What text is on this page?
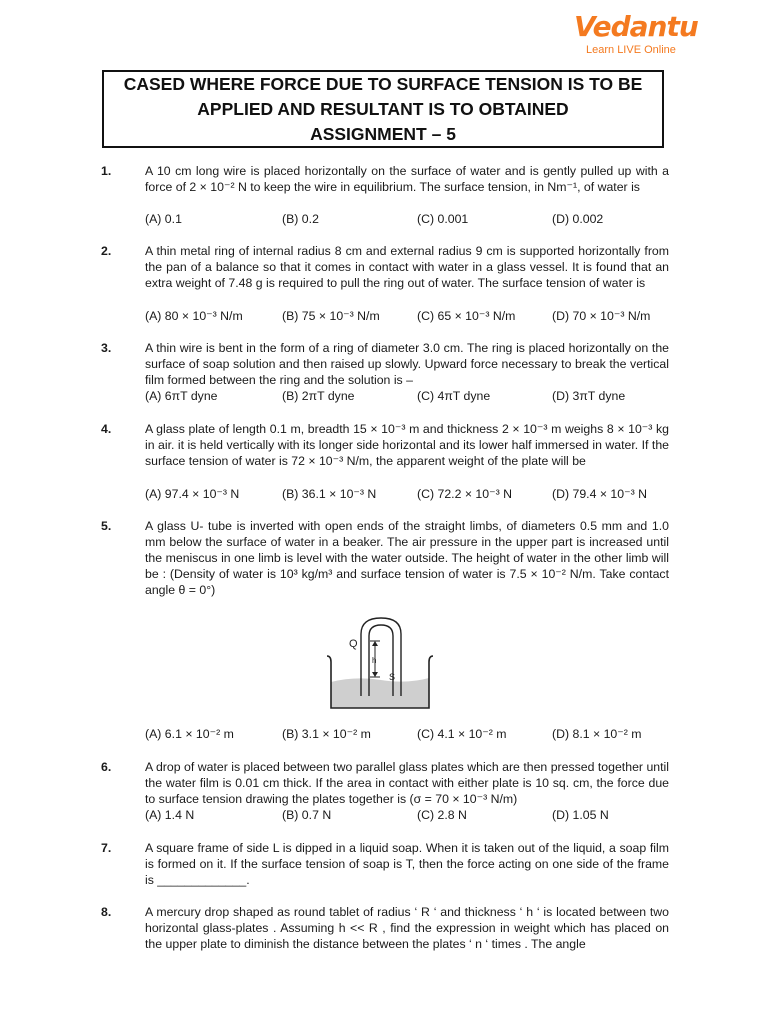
Vedantu
Learn LIVE Online
CASED WHERE FORCE DUE TO SURFACE TENSION IS TO BE
APPLIED AND RESULTANT IS TO OBTAINED
ASSIGNMENT – 5
1.	A 10 cm long wire is placed horizontally on the surface of water and is gently pulled up with a force of 2 × 10⁻² N to keep the wire in equilibrium. The surface tension, in Nm⁻¹, of water is
(A) 0.1	(B) 0.2	(C) 0.001	(D) 0.002
2.	A thin metal ring of internal radius 8 cm and external radius 9 cm is supported horizontally from the pan of a balance so that it comes in contact with water in a glass vessel. It is found that an extra weight of 7.48 g is required to pull the ring out of water. The surface tension of water is
(A) 80 × 10⁻³ N/m	(B) 75 × 10⁻³ N/m	(C) 65 × 10⁻³ N/m	(D) 70 × 10⁻³ N/m
3.	A thin wire is bent in the form of a ring of diameter 3.0 cm. The ring is placed horizontally on the surface of soap solution and then raised up slowly. Upward force necessary to break the vertical film formed between the ring and the solution is –
(A) 6πT dyne	(B) 2πT dyne	(C) 4πT dyne	(D) 3πT dyne
4.	A glass plate of length 0.1 m, breadth 15 × 10⁻³ m and thickness 2 × 10⁻³ m weighs 8 × 10⁻³ kg in air. it is held vertically with its longer side horizontal and its lower half immersed in water. If the surface tension of water is 72 × 10⁻³ N/m, the apparent weight of the plate will be
(A) 97.4 × 10⁻³ N	(B) 36.1 × 10⁻³ N	(C) 72.2 × 10⁻³ N	(D) 79.4 × 10⁻³ N
5.	A glass U- tube is inverted with open ends of the straight limbs, of diameters 0.5 mm and 1.0 mm below the surface of water in a beaker. The air pressure in the upper part is increased until the meniscus in one limb is level with the water outside. The height of water in the other limb will be : (Density of water is 10³ kg/m³ and surface tension of water is 7.5 × 10⁻² N/m. Take contact angle θ = 0°)
(A) 6.1 × 10⁻² m	(B) 3.1 × 10⁻² m	(C) 4.1 × 10⁻² m	(D) 8.1 × 10⁻² m
Q
h
S
6.	A drop of water is placed between two parallel glass plates which are then pressed together until the water film is 0.01 cm thick. If the area in contact with either plate is 10 sq. cm, the force due to surface tension drawing the plates together is (σ = 70 × 10⁻³ N/m)
(A) 1.4 N	(B) 0.7 N	(C) 2.8 N	(D) 1.05 N
7.	A square frame of side L is dipped in a liquid soap. When it is taken out of the liquid, a soap film is formed on it. If the surface tension of soap is T, then the force acting on one side of the frame is _____________.
8.	A mercury drop shaped as round tablet of radius ‘ R ‘ and thickness ‘ h ‘ is located between two horizontal glass-plates . Assuming h << R , find the expression in weight which has placed on the upper plate to diminish the distance between the plates ‘ n ‘ times . The angle
